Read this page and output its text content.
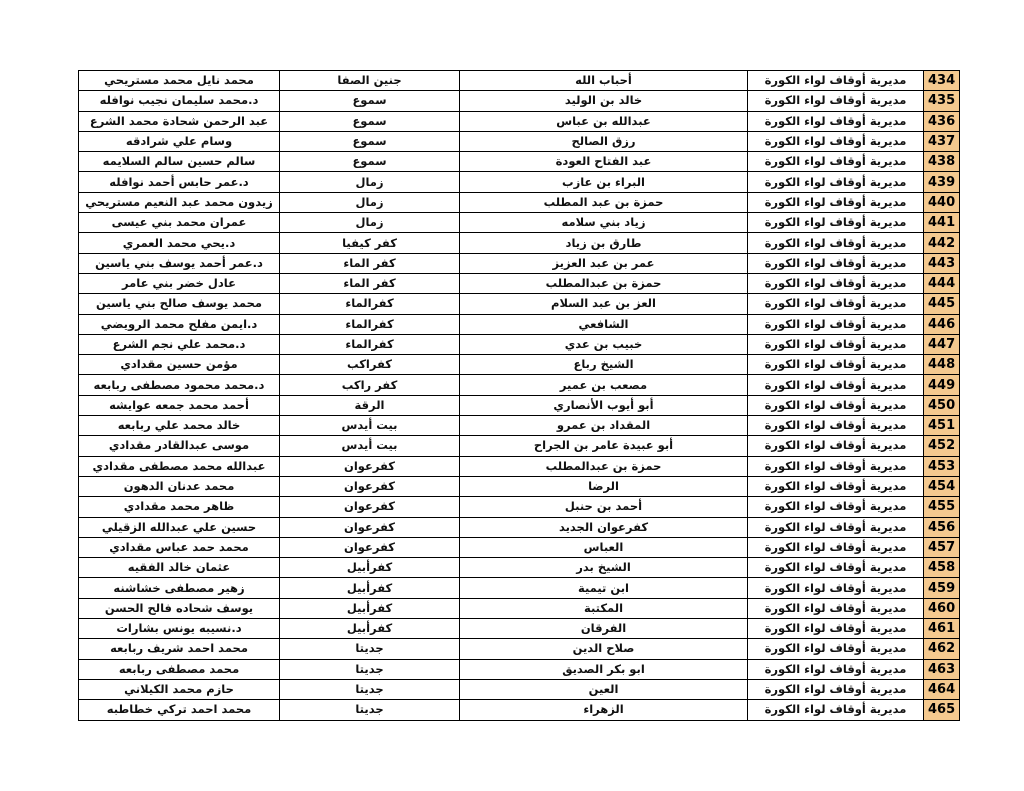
434	مديرية أوقاف لواء الكورة	أحباب الله	جنين الصفا	محمد نايل محمد مستريحي
435	مديرية أوقاف لواء الكورة	خالد بن الوليد	سموع	د.محمد سليمان نجيب نوافله
436	مديرية أوقاف لواء الكورة	عبدالله بن عباس	سموع	عبد الرحمن شحادة محمد الشرع
437	مديرية أوقاف لواء الكورة	رزق الصالح	سموع	وسام علي شرادقه
438	مديرية أوقاف لواء الكورة	عبد الفتاح العودة	سموع	سالم حسين سالم السلايمه
439	مديرية أوقاف لواء الكورة	البراء بن عازب	زمال	د.عمر حابس أحمد نوافله
440	مديرية أوقاف لواء الكورة	حمزة بن عبد المطلب	زمال	زيدون محمد عبد النعيم مستريحي
441	مديرية أوقاف لواء الكورة	زياد بني سلامه	زمال	عمران محمد بني عيسى
442	مديرية أوقاف لواء الكورة	طارق بن زياد	كفر كيفيا	د.يحي محمد العمري
443	مديرية أوقاف لواء الكورة	عمر بن عبد العزيز	كفر الماء	د.عمر أحمد يوسف بني ياسين
444	مديرية أوقاف لواء الكورة	حمزة بن عبدالمطلب	كفر الماء	عادل خضر بني عامر
445	مديرية أوقاف لواء الكورة	العز بن عبد السلام	كفرالماء	محمد يوسف صالح بني ياسين
446	مديرية أوقاف لواء الكورة	الشافعي	كفرالماء	د.ايمن مفلح محمد الرويضي
447	مديرية أوقاف لواء الكورة	خبيب بن عدي	كفرالماء	د.محمد علي نجم الشرع
448	مديرية أوقاف لواء الكورة	الشيخ رباع	كفراكب	مؤمن حسين مقدادي
449	مديرية أوقاف لواء الكورة	مصعب بن عمير	كفر راكب	د.محمد محمود مصطفى ربابعه
450	مديرية أوقاف لواء الكورة	أبو أيوب الأنصاري	الرقة	أحمد محمد جمعه عوايشه
451	مديرية أوقاف لواء الكورة	المقداد بن عمرو	بيت أيدس	خالد محمد علي ربابعه
452	مديرية أوقاف لواء الكورة	أبو عبيدة عامر بن الجراح	بيت أيدس	موسى عبدالقادر مقدادي
453	مديرية أوقاف لواء الكورة	حمزة بن عبدالمطلب	كفرعوان	عبدالله محمد مصطفى مقدادي
454	مديرية أوقاف لواء الكورة	الرضا	كفرعوان	محمد عدنان الدهون
455	مديرية أوقاف لواء الكورة	أحمد بن حنبل	كفرعوان	ظاهر محمد مقدادي
456	مديرية أوقاف لواء الكورة	كفرعوان الجديد	كفرعوان	حسين علي عبدالله الزقيلي
457	مديرية أوقاف لواء الكورة	العباس	كفرعوان	محمد حمد عباس مقدادي
458	مديرية أوقاف لواء الكورة	الشيخ بدر	كفرأبيل	عثمان خالد الفقيه
459	مديرية أوقاف لواء الكورة	ابن تيمية	كفرأبيل	زهير مصطفى خشاشنه
460	مديرية أوقاف لواء الكورة	المكتبة	كفرأبيل	يوسف شحاده فالح الحسن
461	مديرية أوقاف لواء الكورة	الفرقان	كفرأبيل	د.نسيبه يونس بشارات
462	مديرية أوقاف لواء الكورة	صلاح الدين	جديتا	محمد احمد شريف ربابعه
463	مديرية أوقاف لواء الكورة	ابو بكر الصديق	جديتا	محمد مصطفى ربابعه
464	مديرية أوقاف لواء الكورة	العين	جديتا	حازم محمد الكيلاني
465	مديرية أوقاف لواء الكورة	الزهراء	جديتا	محمد احمد تركي خطاطبه
